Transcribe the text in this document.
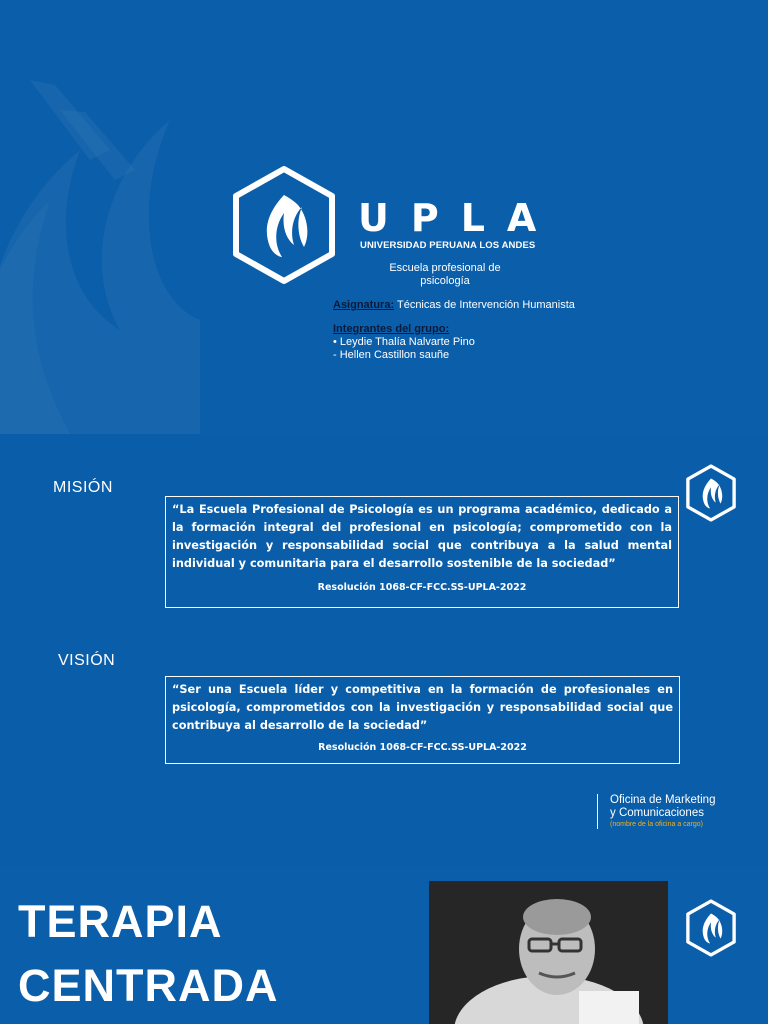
UPLA
UNIVERSIDAD PERUANA LOS ANDES
Escuela profesional de psicología
Asignatura: Técnicas de Intervención Humanista
Integrantes del grupo:
• Leydie Thalía Nalvarte Pino
- Hellen Castillon sauñe
MISIÓN
“La Escuela Profesional de Psicología es un programa académico, dedicado a la formación integral del profesional en psicología; comprometido con la investigación y responsabilidad social que contribuya a la salud mental individual y comunitaria para el desarrollo sostenible de la sociedad”
Resolución 1068-CF-FCC.SS-UPLA-2022
VISIÓN
“Ser una Escuela líder y competitiva en la formación de profesionales en psicología, comprometidos con la investigación y responsabilidad social que contribuya al desarrollo de la sociedad”
Resolución 1068-CF-FCC.SS-UPLA-2022
Oficina de Marketing
y Comunicaciones
(nombre de la oficina a cargo)
TERAPIA
CENTRADA
